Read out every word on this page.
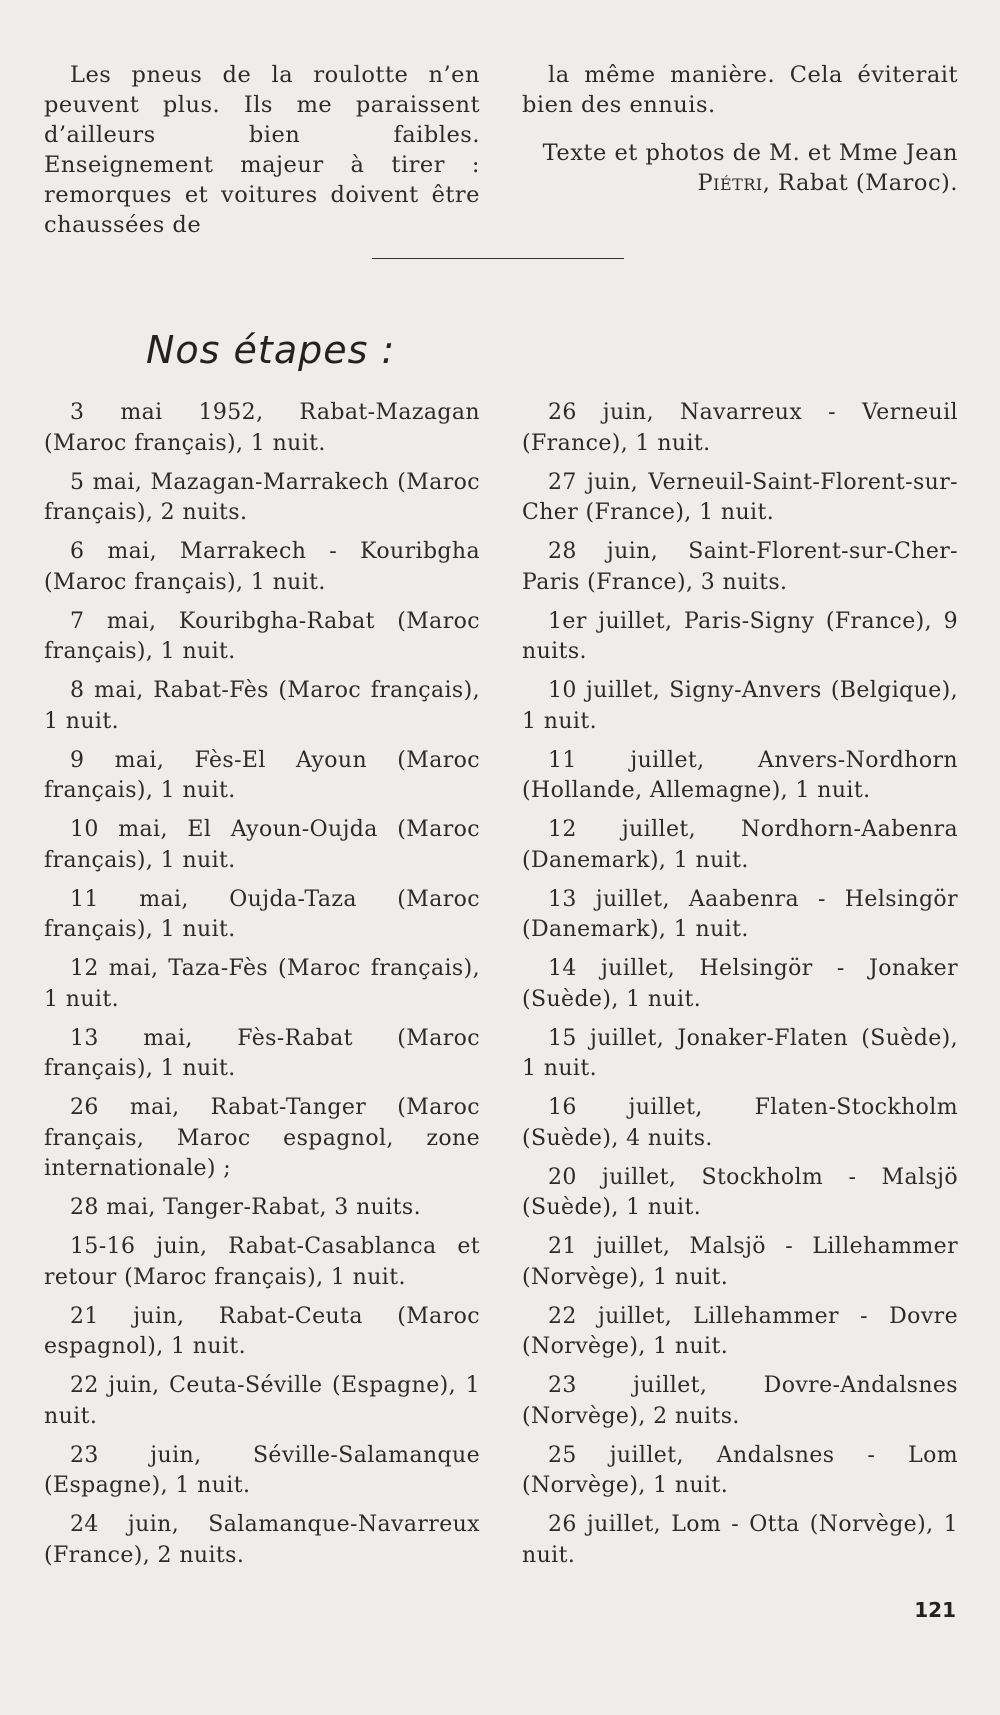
Les pneus de la roulotte n’en peuvent plus. Ils me paraissent d’ailleurs bien faibles. Enseignement majeur à tirer : remorques et voitures doivent être chaussées de

la même manière. Cela éviterait bien des ennuis.

Texte et photos de M. et Mme Jean Piétri, Rabat (Maroc).

Nos étapes :
3 mai 1952, Rabat-Mazagan (Maroc français), 1 nuit.
5 mai, Mazagan-Marrakech (Maroc français), 2 nuits.
6 mai, Marrakech - Kouribgha (Maroc français), 1 nuit.
7 mai, Kouribgha-Rabat (Maroc français), 1 nuit.
8 mai, Rabat-Fès (Maroc français), 1 nuit.
9 mai, Fès-El Ayoun (Maroc français), 1 nuit.
10 mai, El Ayoun-Oujda (Maroc français), 1 nuit.
11 mai, Oujda-Taza (Maroc français), 1 nuit.
12 mai, Taza-Fès (Maroc français), 1 nuit.
13 mai, Fès-Rabat (Maroc français), 1 nuit.
26 mai, Rabat-Tanger (Maroc français, Maroc espagnol, zone internationale) ;
28 mai, Tanger-Rabat, 3 nuits.
15-16 juin, Rabat-Casablanca et retour (Maroc français), 1 nuit.
21 juin, Rabat-Ceuta (Maroc espagnol), 1 nuit.
22 juin, Ceuta-Séville (Espagne), 1 nuit.
23 juin, Séville-Salamanque (Espagne), 1 nuit.
24 juin, Salamanque-Navarreux (France), 2 nuits.
26 juin, Navarreux - Verneuil (France), 1 nuit.
27 juin, Verneuil-Saint-Florent-sur-Cher (France), 1 nuit.
28 juin, Saint-Florent-sur-Cher-Paris (France), 3 nuits.
1er juillet, Paris-Signy (France), 9 nuits.
10 juillet, Signy-Anvers (Belgique), 1 nuit.
11 juillet, Anvers-Nordhorn (Hollande, Allemagne), 1 nuit.
12 juillet, Nordhorn-Aabenra (Danemark), 1 nuit.
13 juillet, Aaabenra - Helsingör (Danemark), 1 nuit.
14 juillet, Helsingör - Jonaker (Suède), 1 nuit.
15 juillet, Jonaker-Flaten (Suède), 1 nuit.
16 juillet, Flaten-Stockholm (Suède), 4 nuits.
20 juillet, Stockholm - Malsjö (Suède), 1 nuit.
21 juillet, Malsjö - Lillehammer (Norvège), 1 nuit.
22 juillet, Lillehammer - Dovre (Norvège), 1 nuit.
23 juillet, Dovre-Andalsnes (Norvège), 2 nuits.
25 juillet, Andalsnes - Lom (Norvège), 1 nuit.
26 juillet, Lom - Otta (Norvège), 1 nuit.

121
